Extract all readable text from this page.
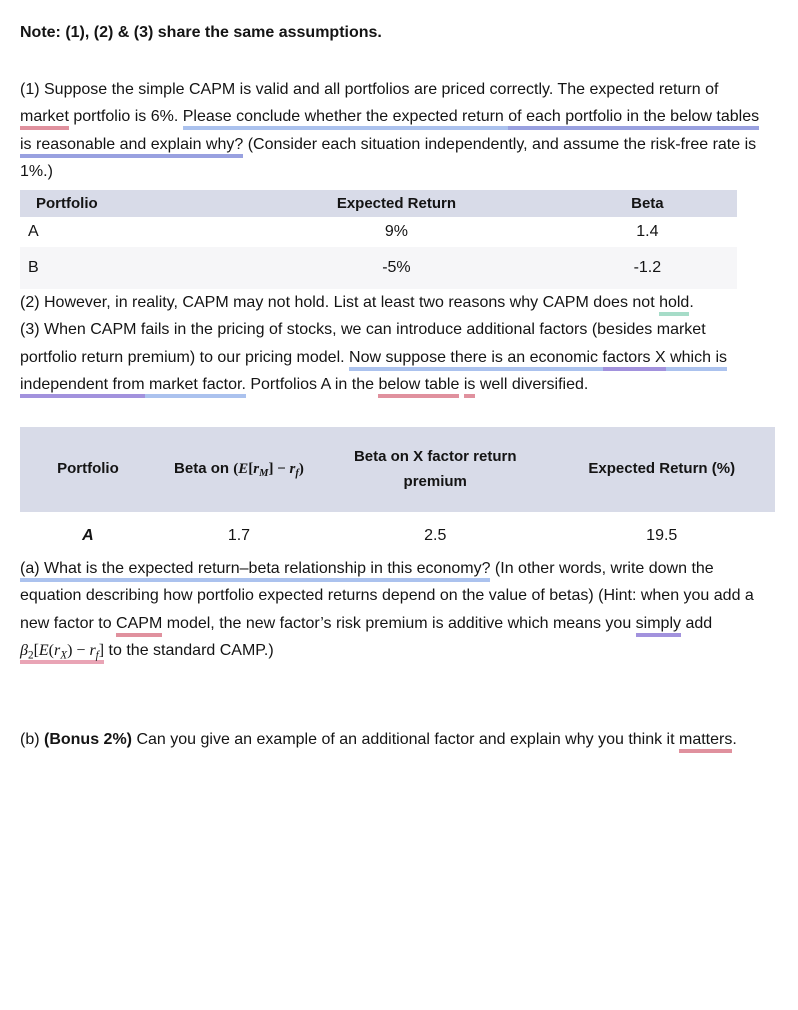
Note: (1), (2) & (3) share the same assumptions.

(1) Suppose the simple CAPM is valid and all portfolios are priced correctly. The expected return of market portfolio is 6%. Please conclude whether the expected return of each portfolio in the below tables is reasonable and explain why? (Consider each situation independently, and assume the risk-free rate is 1%.)

Portfolio	Expected Return	Beta
A	9%	1.4
B	-5%	-1.2

(2) However, in reality, CAPM may not hold. List at least two reasons why CAPM does not hold.

(3) When CAPM fails in the pricing of stocks, we can introduce additional factors (besides market portfolio return premium) to our pricing model. Now suppose there is an economic factors X which is independent from market factor. Portfolios A in the below table is well diversified.

Portfolio	Beta on $(E[r_M] - r_f)$	Beta on X factor return premium	Expected Return (%)
A	1.7	2.5	19.5

(a) What is the expected return–beta relationship in this economy? (In other words, write down the equation describing how portfolio expected returns depend on the value of betas) (Hint: when you add a new factor to CAPM model, the new factor’s risk premium is additive which means you simply add $\beta_2[E(r_X) - r_f]$ to the standard CAMP.)

(b) (Bonus 2%) Can you give an example of an additional factor and explain why you think it matters.
